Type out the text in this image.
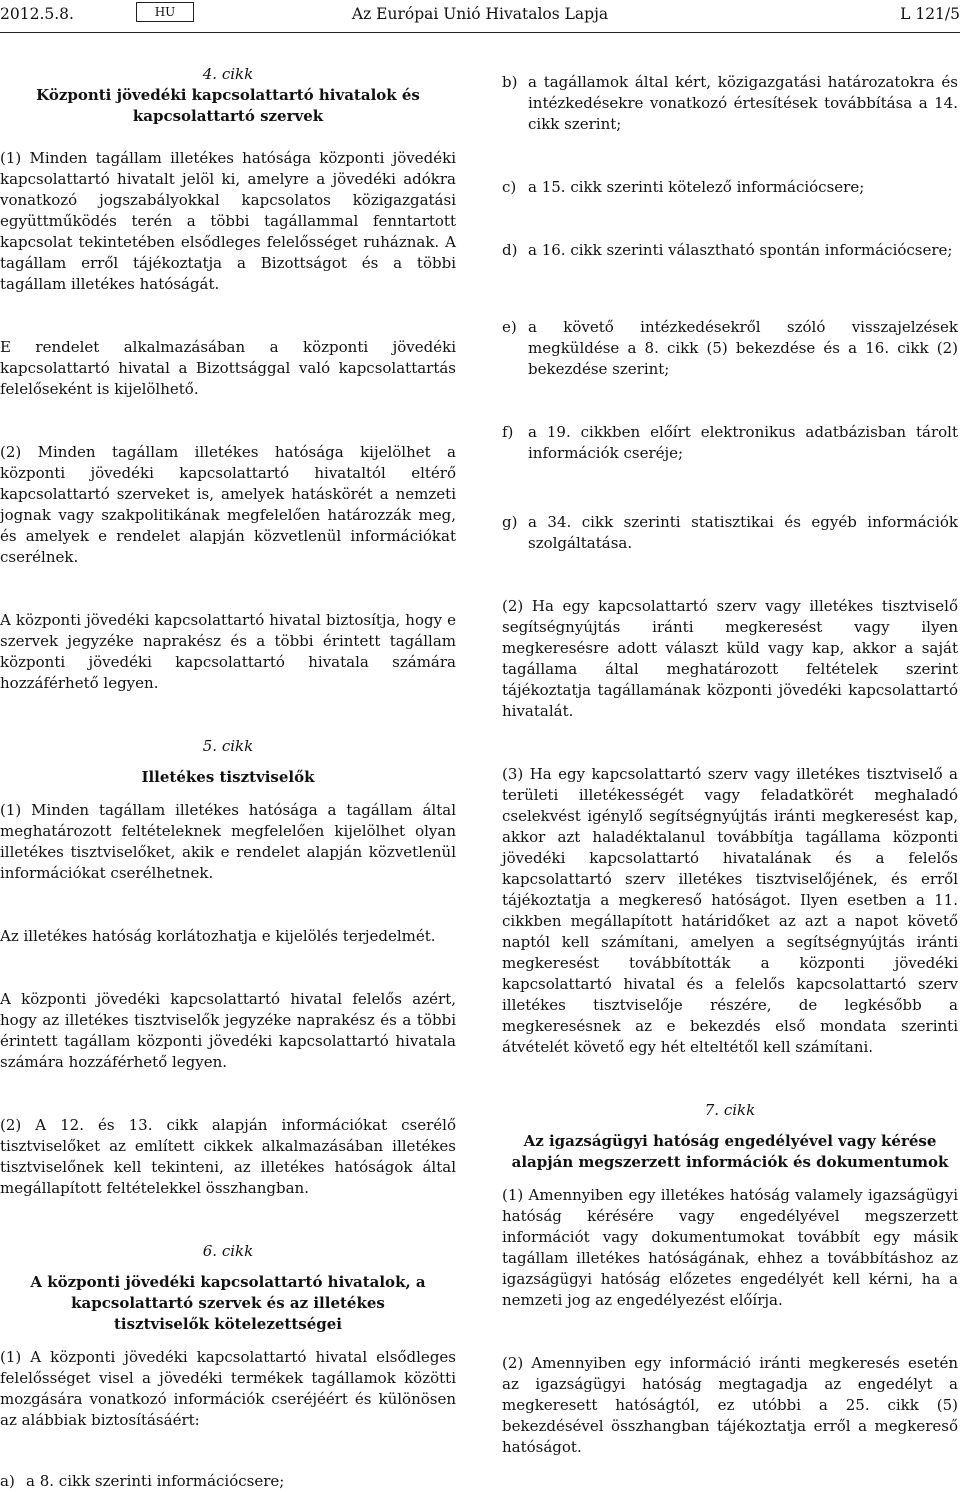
2012.5.8.	HU	Az Európai Unió Hivatalos Lapja	L 121/5

4. cikk

Központi jövedéki kapcsolattartó hivatalok és kapcsolattartó szervek

(1) Minden tagállam illetékes hatósága központi jövedéki kapcsolattartó hivatalt jelöl ki, amelyre a jövedéki adókra vonatkozó jogszabályokkal kapcsolatos közigazgatási együttműködés terén a többi tagállammal fenntartott kapcsolat tekintetében elsődleges felelősséget ruháznak. A tagállam erről tájékoztatja a Bizottságot és a többi tagállam illetékes hatóságát.

E rendelet alkalmazásában a központi jövedéki kapcsolattartó hivatal a Bizottsággal való kapcsolattartás felelőseként is kijelölhető.

(2) Minden tagállam illetékes hatósága kijelölhet a központi jövedéki kapcsolattartó hivataltól eltérő kapcsolattartó szerveket is, amelyek hatáskörét a nemzeti jognak vagy szakpolitikának megfelelően határozzák meg, és amelyek e rendelet alapján közvetlenül információkat cserélnek.

A központi jövedéki kapcsolattartó hivatal biztosítja, hogy e szervek jegyzéke naprakész és a többi érintett tagállam központi jövedéki kapcsolattartó hivatala számára hozzáférhető legyen.

5. cikk

Illetékes tisztviselők

(1) Minden tagállam illetékes hatósága a tagállam által meghatározott feltételeknek megfelelően kijelölhet olyan illetékes tisztviselőket, akik e rendelet alapján közvetlenül információkat cserélhetnek.

Az illetékes hatóság korlátozhatja e kijelölés terjedelmét.

A központi jövedéki kapcsolattartó hivatal felelős azért, hogy az illetékes tisztviselők jegyzéke naprakész és a többi érintett tagállam központi jövedéki kapcsolattartó hivatala számára hozzáférhető legyen.

(2) A 12. és 13. cikk alapján információkat cserélő tisztviselőket az említett cikkek alkalmazásában illetékes tisztviselőnek kell tekinteni, az illetékes hatóságok által megállapított feltételekkel összhangban.

6. cikk

A központi jövedéki kapcsolattartó hivatalok, a kapcsolattartó szervek és az illetékes tisztviselők kötelezettségei

(1) A központi jövedéki kapcsolattartó hivatal elsődleges felelősséget visel a jövedéki termékek tagállamok közötti mozgására vonatkozó információk cseréjéért és különösen az alábbiak biztosításáért:

a) a 8. cikk szerinti információcsere;
b) a tagállamok által kért, közigazgatási határozatokra és intézkedésekre vonatkozó értesítések továbbítása a 14. cikk szerint;
c) a 15. cikk szerinti kötelező információcsere;
d) a 16. cikk szerinti választható spontán információcsere;
e) a követő intézkedésekről szóló visszajelzések megküldése a 8. cikk (5) bekezdése és a 16. cikk (2) bekezdése szerint;
f) a 19. cikkben előírt elektronikus adatbázisban tárolt információk cseréje;
g) a 34. cikk szerinti statisztikai és egyéb információk szolgáltatása.

(2) Ha egy kapcsolattartó szerv vagy illetékes tisztviselő segítségnyújtás iránti megkeresést vagy ilyen megkeresésre adott választ küld vagy kap, akkor a saját tagállama által meghatározott feltételek szerint tájékoztatja tagállamának központi jövedéki kapcsolattartó hivatalát.

(3) Ha egy kapcsolattartó szerv vagy illetékes tisztviselő a területi illetékességét vagy feladatkörét meghaladó cselekvést igénylő segítségnyújtás iránti megkeresést kap, akkor azt haladéktalanul továbbítja tagállama központi jövedéki kapcsolattartó hivatalának és a felelős kapcsolattartó szerv illetékes tisztviselőjének, és erről tájékoztatja a megkereső hatóságot. Ilyen esetben a 11. cikkben megállapított határidőket az azt a napot követő naptól kell számítani, amelyen a segítségnyújtás iránti megkeresést továbbították a központi jövedéki kapcsolattartó hivatal és a felelős kapcsolattartó szerv illetékes tisztviselője részére, de legkésőbb a megkeresésnek az e bekezdés első mondata szerinti átvételét követő egy hét elteltétől kell számítani.

7. cikk

Az igazságügyi hatóság engedélyével vagy kérése alapján megszerzett információk és dokumentumok

(1) Amennyiben egy illetékes hatóság valamely igazságügyi hatóság kérésére vagy engedélyével megszerzett információt vagy dokumentumokat továbbít egy másik tagállam illetékes hatóságának, ehhez a továbbításhoz az igazságügyi hatóság előzetes engedélyét kell kérni, ha a nemzeti jog az engedélyezést előírja.

(2) Amennyiben egy információ iránti megkeresés esetén az igazságügyi hatóság megtagadja az engedélyt a megkeresett hatóságtól, ez utóbbi a 25. cikk (5) bekezdésével összhangban tájékoztatja erről a megkereső hatóságot.
